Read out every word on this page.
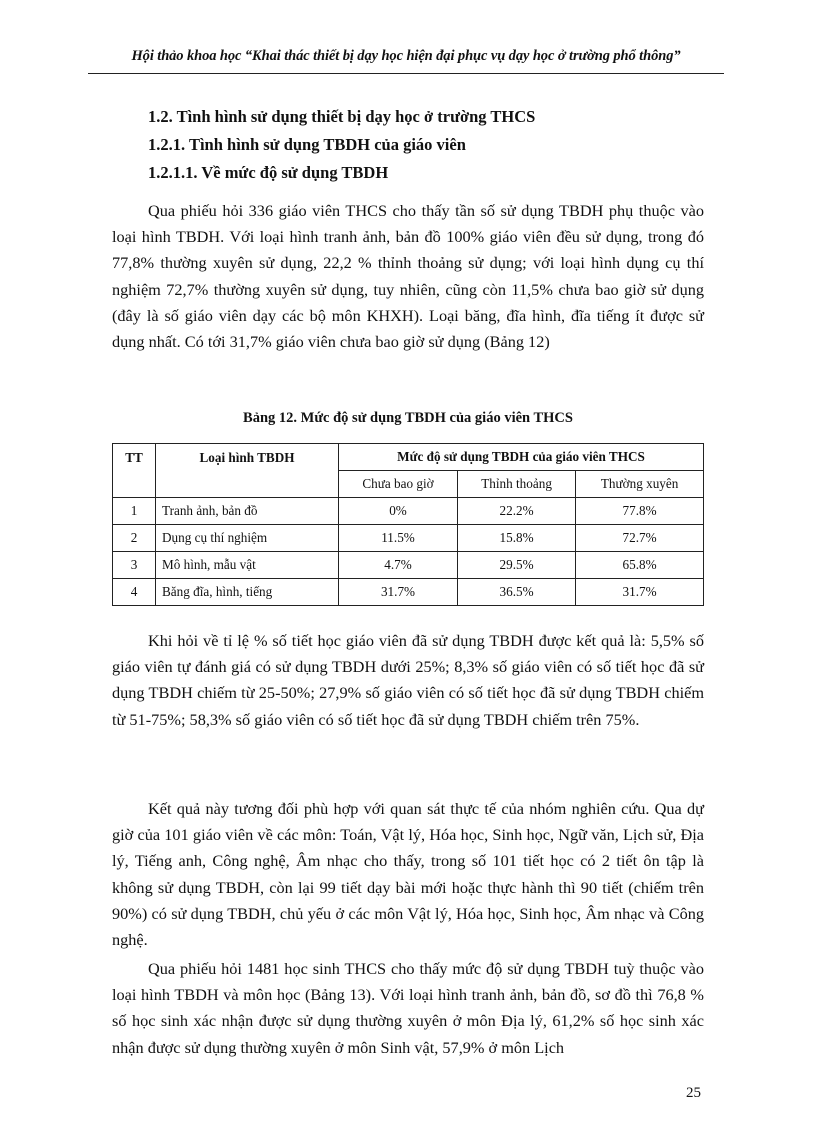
Hội thảo khoa học “Khai thác thiết bị dạy học hiện đại phục vụ dạy học ở trường phổ thông”
1.2. Tình hình sử dụng thiết bị dạy học ở trường THCS
1.2.1. Tình hình sử dụng TBDH của giáo viên
1.2.1.1. Về mức độ sử dụng TBDH

Qua phiếu hỏi 336 giáo viên THCS cho thấy tần số sử dụng TBDH phụ thuộc vào loại hình TBDH. Với loại hình tranh ảnh, bản đồ 100% giáo viên đều sử dụng, trong đó 77,8% thường xuyên sử dụng, 22,2 % thỉnh thoảng sử dụng; với loại hình dụng cụ thí nghiệm 72,7% thường xuyên sử dụng, tuy nhiên, cũng còn 11,5% chưa bao giờ sử dụng (đây là số giáo viên dạy các bộ môn KHXH). Loại băng, đĩa hình, đĩa tiếng ít được sử dụng nhất. Có tới 31,7% giáo viên chưa bao giờ sử dụng (Bảng 12)

Bảng 12. Mức độ sử dụng TBDH của giáo viên THCS
TT	Loại hình TBDH	Mức độ sử dụng TBDH của giáo viên THCS		
		Chưa bao giờ	Thỉnh thoảng	Thường xuyên
1	Tranh ảnh, bản đồ	0%	22.2%	77.8%
2	Dụng cụ thí nghiệm	11.5%	15.8%	72.7%
3	Mô hình, mẫu vật	4.7%	29.5%	65.8%
4	Băng đĩa, hình, tiếng	31.7%	36.5%	31.7%

Khi hỏi về tỉ lệ % số tiết học giáo viên đã sử dụng TBDH được kết quả là: 5,5% số giáo viên tự đánh giá có sử dụng TBDH dưới 25%; 8,3% số giáo viên có số tiết học đã sử dụng TBDH chiếm từ 25-50%; 27,9% số giáo viên có số tiết học đã sử dụng TBDH chiếm từ 51-75%; 58,3% số giáo viên có số tiết học đã sử dụng TBDH chiếm trên 75%.

Kết quả này tương đối phù hợp với quan sát thực tế của nhóm nghiên cứu. Qua dự giờ của 101 giáo viên về các môn: Toán, Vật lý, Hóa học, Sinh học, Ngữ văn, Lịch sử, Địa lý, Tiếng anh, Công nghệ, Âm nhạc cho thấy, trong số 101 tiết học có 2 tiết ôn tập là không sử dụng TBDH, còn lại 99 tiết dạy bài mới hoặc thực hành thì 90 tiết (chiếm trên 90%) có sử dụng TBDH, chủ yếu ở các môn Vật lý, Hóa học, Sinh học, Âm nhạc và Công nghệ.

Qua phiếu hỏi 1481 học sinh THCS cho thấy mức độ sử dụng TBDH tuỳ thuộc vào loại hình TBDH và môn học (Bảng 13). Với loại hình tranh ảnh, bản đồ, sơ đồ thì 76,8 % số học sinh xác nhận được sử dụng thường xuyên ở môn Địa lý, 61,2% số học sinh xác nhận được sử dụng thường xuyên ở môn Sinh vật, 57,9% ở môn Lịch

25
